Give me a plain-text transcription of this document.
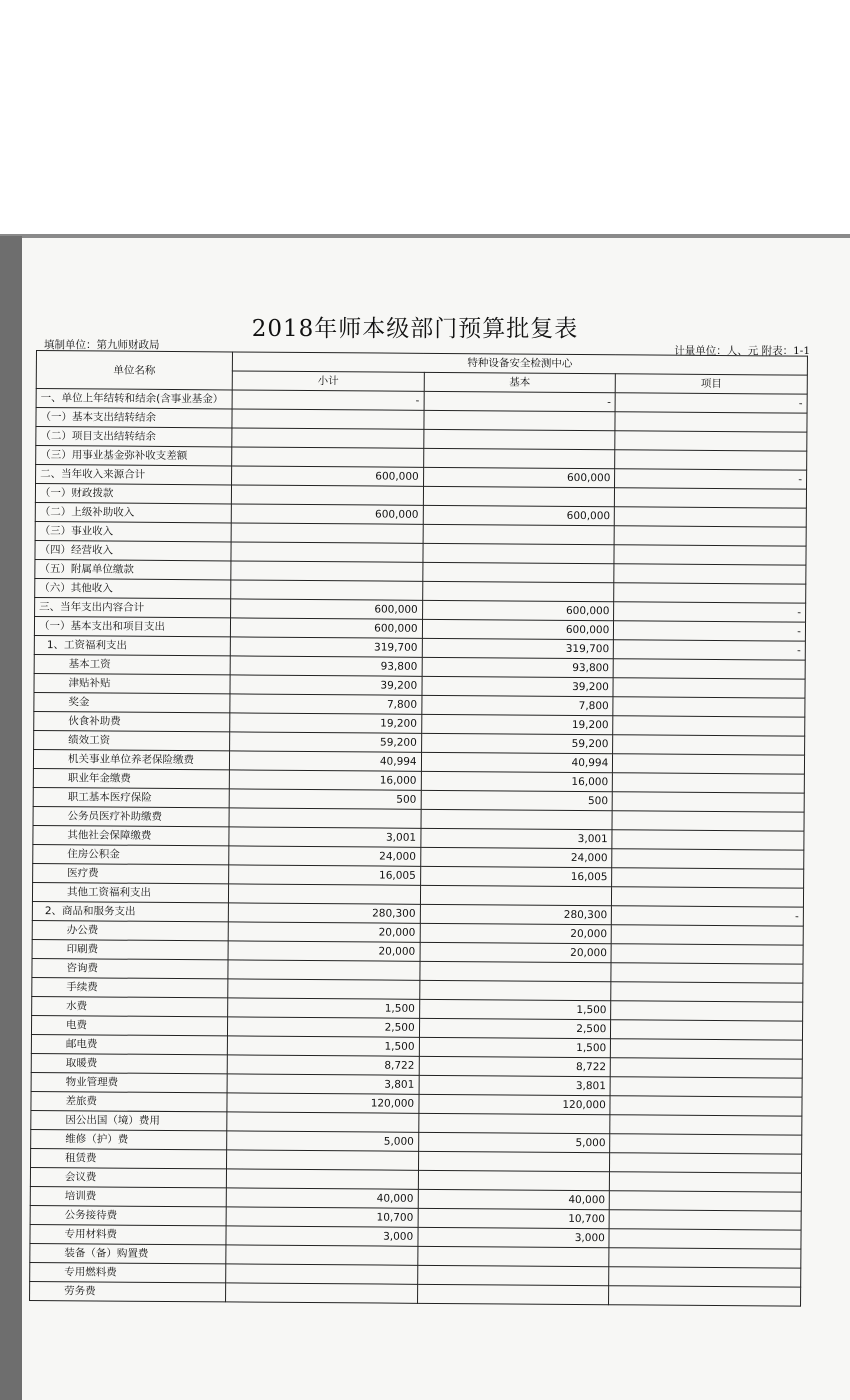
2018年师本级部门预算批复表
填制单位：第九师财政局	计量单位：人、元 附表：1-1
单位名称	特种设备安全检测中心		
	小计	基本	项目
一、单位上年结转和结余(含事业基金）	-	-	-
（一）基本支出结转结余			
（二）项目支出结转结余			
（三）用事业基金弥补收支差额			
二、当年收入来源合计	600,000	600,000	-
（一）财政拨款			
（二）上级补助收入	600,000	600,000	
（三）事业收入			
（四）经营收入			
（五）附属单位缴款			
（六）其他收入			
三、当年支出内容合计	600,000	600,000	-
（一）基本支出和项目支出	600,000	600,000	-
1、工资福利支出	319,700	319,700	-
基本工资	93,800	93,800	
津贴补贴	39,200	39,200	
奖金	7,800	7,800	
伙食补助费	19,200	19,200	
绩效工资	59,200	59,200	
机关事业单位养老保险缴费	40,994	40,994	
职业年金缴费	16,000	16,000	
职工基本医疗保险	500	500	
公务员医疗补助缴费			
其他社会保障缴费	3,001	3,001	
住房公积金	24,000	24,000	
医疗费	16,005	16,005	
其他工资福利支出			
2、商品和服务支出	280,300	280,300	-
办公费	20,000	20,000	
印刷费	20,000	20,000	
咨询费			
手续费			
水费	1,500	1,500	
电费	2,500	2,500	
邮电费	1,500	1,500	
取暖费	8,722	8,722	
物业管理费	3,801	3,801	
差旅费	120,000	120,000	
因公出国（境）费用			
维修（护）费	5,000	5,000	
租赁费			
会议费			
培训费	40,000	40,000	
公务接待费	10,700	10,700	
专用材料费	3,000	3,000	
装备（备）购置费			
专用燃料费			
劳务费			
